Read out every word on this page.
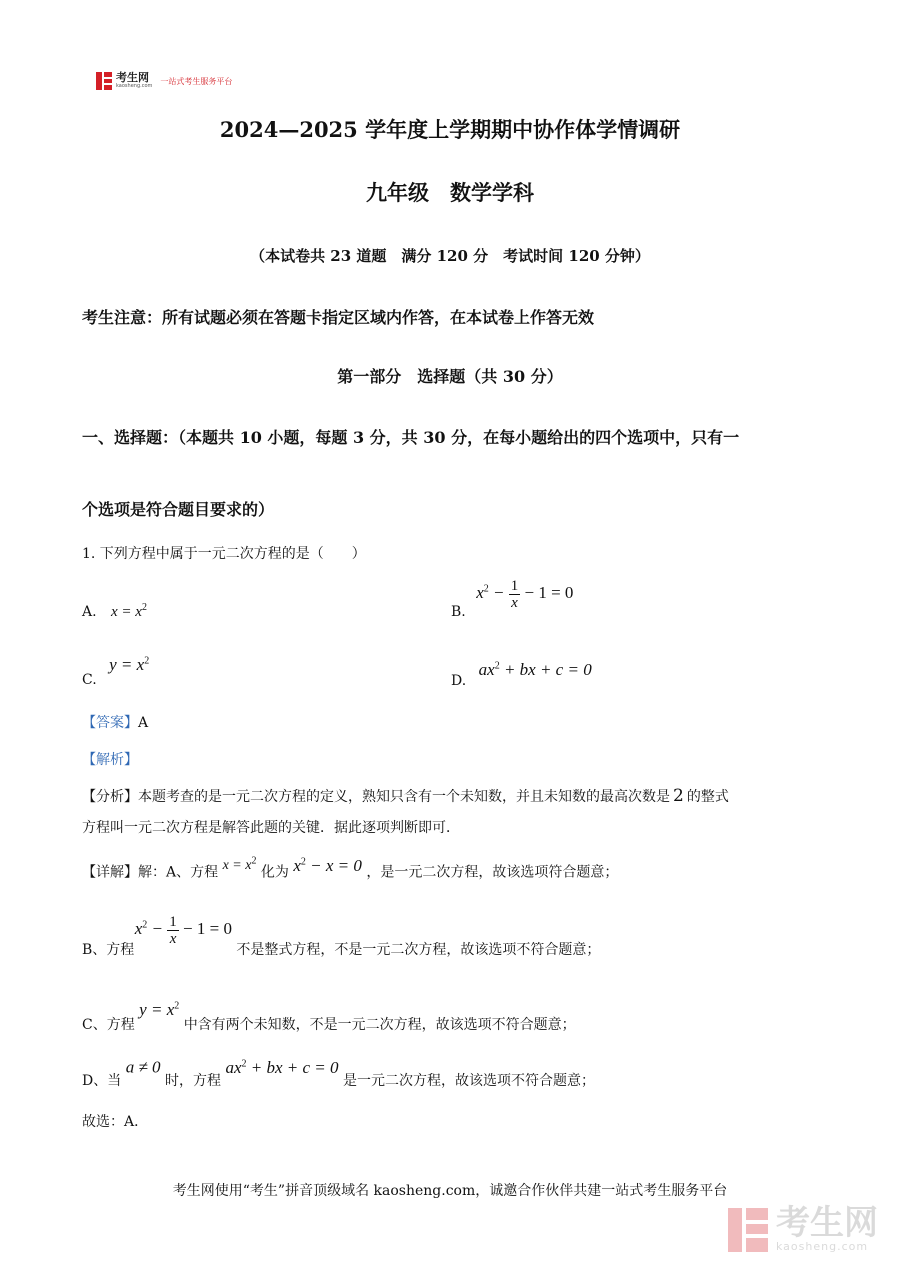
考生网
kaosheng.com
一站式考生服务平台
2024—2025 学年度上学期期中协作体学情调研
九年级　数学学科
（本试卷共 23 道题　满分 120 分　考试时间 120 分钟）
考生注意：所有试题必须在答题卡指定区域内作答，在本试卷上作答无效
第一部分　选择题（共 30 分）
一、选择题：（本题共 10 小题，每题 3 分，共 30 分，在每小题给出的四个选项中，只有一
个选项是符合题目要求的）
1. 下列方程中属于一元二次方程的是（　　）
A. $x = x^2$	B. $x^2 - \frac{1}{x} - 1 = 0$
C. $y = x^2$
D. $ax^2$ + bx + c = 0
【答案】A
【解析】
【分析】本题考查的是一元二次方程的定义，熟知只含有一个未知数，并且未知数的最高次数是 2 的整式
方程叫一元二次方程是解答此题的关键．据此逐项判断即可．
【详解】解：A、方程 $x = x^2$ 化为 $x^2 - x = 0$ ，是一元二次方程，故该选项符合题意；
B、方程 $x^2 - \frac{1}{x} - 1 = 0$ 不是整式方程，不是一元二次方程，故该选项不符合题意；
C、方程 $y = x^2$ 中含有两个未知数，不是一元二次方程，故该选项不符合题意；
D、当 a ≠ 0 时，方程 $ax^2$ + bx + c = 0 是一元二次方程，故该选项不符合题意；
故选：A．
考生网使用“考生”拼音顶级域名 kaosheng.com，诚邀合作伙伴共建一站式考生服务平台
考生网
kaosheng.com
